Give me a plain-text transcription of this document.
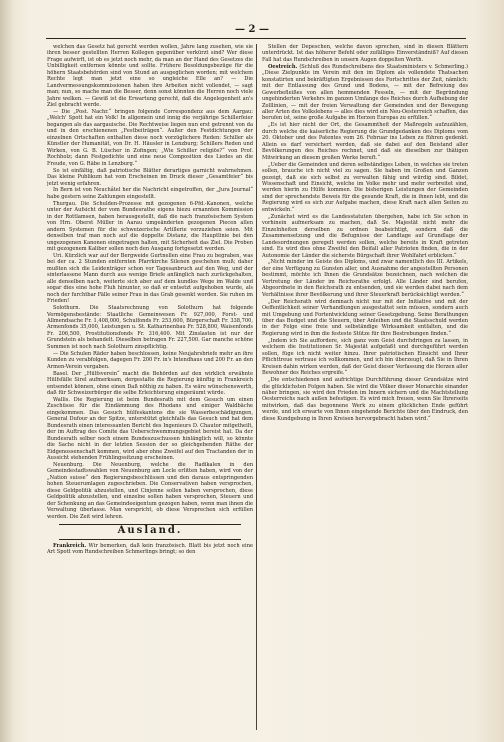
— 2 —

welchen das Gesetz hat gerecht werden wollen, Jahre lang zusehen, wie sie ihren besser gestellten Herren Kollegen gegenüber verkürzt sind? Wer diese Frage aufwirft, ist ob es jetzt noch mehr, da man an der Hand des Gesetzes die Unbilligkeit entfernen könnte und sollte. Frühere Besoldungsbezüge für die höhern Staatsbehörden sind von Stund an ausgeglichen worden; mit welchem Rechte legt man jetzt eine so ungleiche Elle an? — Die Landvermessungskommissionen haben ihre Arbeiten nicht vollendet, — sagt man; nun, so mache man die Besser, denn sonst könnten die Herren noch viele Jahre welken. — Gewiß ist die Erwartung gerecht, daß die Angelegenheit an's Ziel gebracht werde.

— Die „Post. Nachr.“ bringen folgende Correspondenz aus dem Aargau: „Welch' Spott hat ein Volk! In allgemein und innig die verjährige Schillerfeier begangen als das aargauische. Die Rechtweise liegen nun erst getrennt von da und in den erschienenen „Festbeiträgen“. Außer den Festdichtungen der einzelnen Ortschaften enthalten diese noch vorzüglichere Reden: Schiller als Künstler der Humanität, von Dr. H. Häusler in Lenzburg; Schillers Reden und Wirken, von G. B. Lüscher in Zofingen; „Wie Schiller religiös?“ von Prof. Rochholz; dann Festgedichte und eine neue Composition des Liedes an die Freude, von G. Räbe in Lenzburg.“

So ist einfältig, daß patriotische Blätter derartiges garnicht wahrnehmen. Das kleine Publikum hat vom Erscheinen im Druck dieser „Gesamtfeier“ bis jetzt wenig erfahren.

In Bern ist von Neuchâtel her die Nachricht eingetroffen, der „Jura Journal“ habe gestern seine Zahlungen eingestellt.

Thurgau. Die Schulden-Prozesse mit gezogenen 6-Pfd.-Kanonen, welche unter der Aufsicht der vom Bundesrathe eigens hiezu ernannten Kommission in der Rottlamsen, haben herausgestellt, daß die nach französischem System von Hrn. Oberst Müller in Aarau umgeänderten gezogenen Piecen allen andern Systemen für die schweizerische Artillerie vorzuziehen seien. Mit denselben traf man noch auf die doppelte Distanz, die Hauptlinie bei den ungezogenen Kanonen eingetragen halten, mit Sicherheit das Ziel. Die Proben mit gezogenem Kaliber sollen noch den Ausgang fortgesetzt werden.

Uri. Kürzlich war auf der Bergweide Gurtnellen eine Frau zu begraben, was bei der ca. 2 Stunden entfernten Pfarrkirche Silenen geschehen muß; daher mußten sich die Leidenträger schon vor Tagesanbruch auf den Weg, und der sinterlassene Mann durch aus wenige Briefe anfänglich nach zurückgehalten, alle denselben nach, weiterte sich aber auf dem kundlos Wege im Walde und sogar dies eine hohe Fluh hinunter, so daß er entsetzt aufgehoben wurde, als noch der furchtbar Fälle seiner Frau in das Grab gesenkt worden. Sie ruhen im Frieden!

Solothurn. Die Staatsrechnung von Solothurn hat folgende Vermögensbestände: Staatliche Gemeinwesen Fr. 927,000, Forst- und Allmendsache Fr. 1,408,000, Schulfonds Fr. 253,600, Bürgerschaft Fr. 338,700, Armenfonds 35,000, Leistungen u. St. Katharinenbau Fr. 528,800, Waisenfonds Fr. 206,500, Prostitutionsfonds Fr. 316,400. Mit Zinslasten ist nur der Grundstein als behandelt. Dieselben betragen Fr. 227,500. Gar manche schöne Summen ist noch nach Solothurn zinspflichtig.

— Die Schulen Räder haben beschlossen, keine Neujahrsbriefe mehr an ihre Kunden zu verabfolgen, dagegen Fr. 200 Fr. in's Intendhaus und 200 Fr. an den Armen-Verein vergaben.

Basel. Der „Hülfsverein“ macht die Behörden auf den wirklich erwähnte Hülfsfälle Sirel aufmerksam, dergestalte die Regierung künftig in Frankreich entsendet können, ohne einen Daß nöthig zu haben. Es wäre wünschenswerth, daß für Schweizerbürger die selbe Erleichterung eingeräumt würde.

Wallis. Die Regierung ist beim Bundesrath mit dem Gesuch um einen Zuschüsse für die Eindämmung des Rhodans und einiger Waldbäche eingekommen. Das Gesuch hülfeskantons die sie Wasserbeschädigungen, General Dufour an der Spitze, unterstützt gleichfalls das Gesuch und hat dem Bundesrath einen interessanten Bericht des Ingenieurs D. Chautor mitgetheilt, der im Auftrag des Comite das Ueberschwemmungsgebiet bereist hat. Da der Bundesrath selber noch einem Bundeszuschussen hinlänglich will, so könnte die Sache nicht in der letzten Session der so gleichgebenden Räthe der Eidgenossenschaft kommen, wird aber ohne Zweifel auf den Tractanden der in Aussicht stehenden Frühlingssitzung erscheinen.

Neuenburg. Die Neuenburg, welche die Radikalen in den Gemeindestadtswahlen von Neuenburg am Locle erlitten haben, wird von der „Nation suisse“ den Regierungsbeschlüssen und den daraus entspringenden hohen Steuerumlagen zugeschrieben. Die Conservativen haben versprochen, diese Geldpolitik abzustellen, und Cinjenne sollen haben versprochen, diese Geldpolitik abzustellen, und einzelne sollen haben versprochen, Steuern und der Schenkung an das Gemeindeeigentum gezogen haben, wenn man ihnen die Verwaltung überlasse. Man verspricht, ob diese Versprechen sich erfüllen werden. Die Zeit wird lehren.

Ausland.

Frankreich. Wir bemerken, daß kein französisch. Blatt bis jetzt noch eine Art Spott vom Rundschreiben Schmerlings bringt; so den

Stellen der Depeschen, welche davon sprechen, sind in diesen Blättern unterdrückt. Ist das höherer Befehl oder zufälliges Einverständniß? Auf diesen Fall hat das Rundschreiben in unsern Augen doppelten Werth.

Oestreich. (Schluß des Rundschreibens des Staatsministers v. Schmerling.) „Diese Zielpunkte im Verein mit den im Diplom als vollendete Thatsachen konstatirten und bekräftigten Ergebnissen des Fortschrittes der Zeit, nämlich: mit der Entlassung des Grund und Bodens, — mit der Befreiung des Gewerbefleißes von allen hemmenden Fesseln, — mit der Begründung ungehinderten Verkehrs im ganzen Umfange des Reiches durch Aufhebung der Zolllinien, — mit der freien Verwaltung der Gemeinden und der Bewegung aller Arten des Volkslebens — alles dies wird ein Neu-Oesterreich schaffen, das berufen ist, seine große Aufgabe im Herzen Europas zu erfüllen.“

„Es ist hier nicht der Ort, die Gesammtheit der Maßregeln aufzuzählen, durch welche die kaiserliche Regierung die Grundgedanken des Diploms vom 20. Oktober und des Patentes vom 26. Februar ins Leben zu führen gedenkt. Allein es darf versichert werden, daß sie dabei auf den Beistand aller Bevölkerungen des Reiches rechnet, und daß sie dieselben zur thätigen Mitwirkung an diesem großen Werke beruft.“

„Ueber die Gemeinden und deren selbständiges Leben, in welches sie treten sollen, brauche ich nicht viel zu sagen. Sie haben im Großen und Ganzen gezeigt, daß sie sich selbst zu verwalten fähig und würdig sind. Bildet, Wissenschaft und Einsicht, welche im Volke mehr und mehr verbreitet sind, werden hierin zu Hülfe kommen. Die bisherigen Leistungen der Gemeinden sind der sprechendste Beweis für die gesunde Kraft, die in ihnen lebt, und die Regierung wird es sich zur Aufgabe machen, diese Kraft nach allen Seiten zu entwickeln.“

„Zunächst wird es die Landesstatuten übergehen, habe ich Sie schon in vorhinein aufmerksam zu machen, daß Se. Majestät nicht mehr die Einzelnheiten derselben zu ordnen beabsichtigt, sondern daß die Zusammensetzung und die Befugnisse der Landtage auf Grundlage der Landesordnungen geregelt werden sollen, welche bereits in Kraft getreten sind. Es wird dies ohne Zweifel den Beifall aller Patrioten finden, die in der Autonomie der Länder die sicherste Bürgschaft ihrer Wohlfahrt erblicken.“

„Nicht minder im Geiste des Diploms, und zwar namentlich des III. Artikels, der eine Verfügung zu Gunsten aller, und Ausnahme der angestellten Personen bestimmt, möchte ich Ihnen die Grundsätze bezeichnen, nach welchen die Vertretung der Länder im Reichsrathe erfolgt. Alle Länder sind berufen, Abgeordnete in den Reichsrath zu entsenden, und sie werden dabei nach dem Verhältnisse ihrer Bevölkerung und ihrer Steuerkraft berücksichtigt werden.“

„Der Reichsrath wird demnach nicht nur mit der Initiative und mit der Oeffentlichkeit seiner Verhandlungen ausgestattet sein müssen, sondern auch mit Umgebung und Fortentwicklung seiner Gesetzgebung. Seine Berathungen über das Budget und die Steuern, über Anleihen und die Staatsschuld werden in der Folge eine freie und selbständige Wirksamkeit entfalten, und die Regierung wird in ihm die festeste Stütze für ihre Bestrebungen finden.“

„Indem ich Sie auffordere, sich ganz vom Geist durchdringen zu lassen, in welchem die Institutionen Sr. Majestät aufgefaßt und durchgeführt werden sollen, füge ich nicht weiter hinzu. Ihrer patriotischen Einsicht und Ihrer Pflichttreue vertraue ich vollkommen, und ich bin überzeugt, daß Sie in Ihren Kreisen dahin wirken werden, daß der Geist dieser Verfassung die Herzen aller Bewohner des Reiches ergreife.“

„Die entschiedenen und aufrichtige Durchführung dieser Grundsätze wird die glücklichsten Folgen haben. Sie wird die Völker dieser Monarchie einander näher bringen, sie wird den Frieden im Innern sichern und die Machtstellung Oesterreichs nach außen befestigen. Es wird mich freuen, wenn Sie Ihrerseits mitwirken, daß das begonnene Werk zu einem glücklichen Ende geführt werde, und ich erwarte von Ihnen eingehende Berichte über den Eindruck, den diese Kundgebung in Ihren Kreisen hervorgebracht haben wird.“
